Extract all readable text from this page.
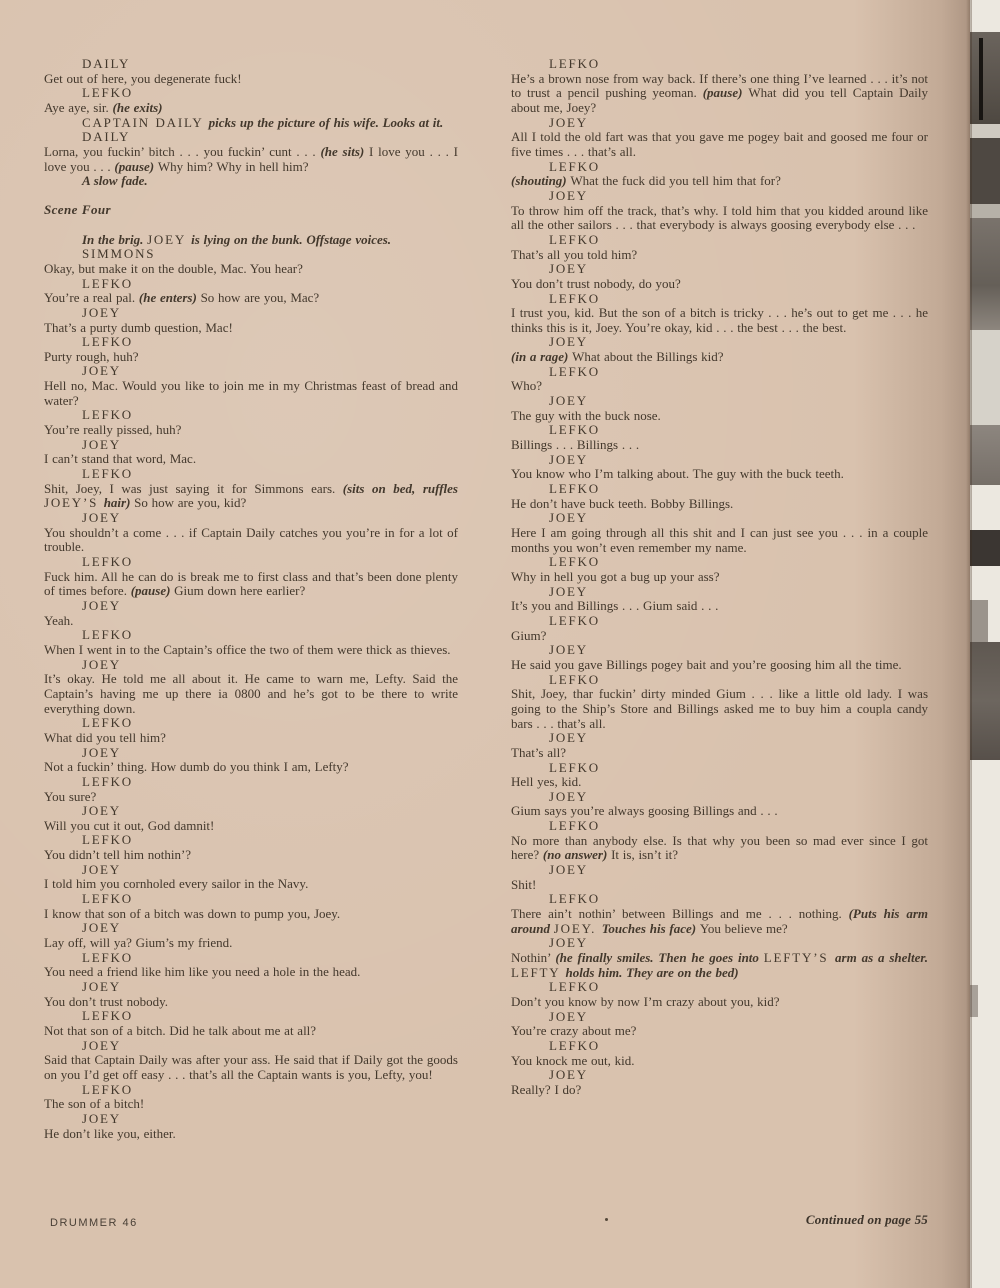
DAILY

Get out of here, you degenerate fuck!

LEFKO

Aye aye, sir. (he exits)

CAPTAIN DAILY picks up the picture of his wife. Looks at it.

DAILY

Lorna, you fuckin’ bitch . . . you fuckin’ cunt . . . (he sits) I love you . . . I love you . . . (pause) Why him? Why in hell him?

A slow fade.

Scene Four

In the brig. JOEY is lying on the bunk. Offstage voices.

SIMMONS

Okay, but make it on the double, Mac. You hear?

LEFKO

You’re a real pal. (he enters) So how are you, Mac?

JOEY

That’s a purty dumb question, Mac!

LEFKO

Purty rough, huh?

JOEY

Hell no, Mac. Would you like to join me in my Christmas feast of bread and water?

LEFKO

You’re really pissed, huh?

JOEY

I can’t stand that word, Mac.

LEFKO

Shit, Joey, I was just saying it for Simmons ears. (sits on bed, ruffles JOEY’S hair) So how are you, kid?

JOEY

You shouldn’t a come . . . if Captain Daily catches you you’re in for a lot of trouble.

LEFKO

Fuck him. All he can do is break me to first class and that’s been done plenty of times before. (pause) Gium down here earlier?

JOEY

Yeah.

LEFKO

When I went in to the Captain’s office the two of them were thick as thieves.

JOEY

It’s okay. He told me all about it. He came to warn me, Lefty. Said the Captain’s having me up there ia 0800 and he’s got to be there to write everything down.

LEFKO

What did you tell him?

JOEY

Not a fuckin’ thing. How dumb do you think I am, Lefty?

LEFKO

You sure?

JOEY

Will you cut it out, God damnit!

LEFKO

You didn’t tell him nothin’?

JOEY

I told him you cornholed every sailor in the Navy.

LEFKO

I know that son of a bitch was down to pump you, Joey.

JOEY

Lay off, will ya? Gium’s my friend.

LEFKO

You need a friend like him like you need a hole in the head.

JOEY

You don’t trust nobody.

LEFKO

Not that son of a bitch. Did he talk about me at all?

JOEY

Said that Captain Daily was after your ass. He said that if Daily got the goods on you I’d get off easy . . . that’s all the Captain wants is you, Lefty, you!

LEFKO

The son of a bitch!

JOEY

He don’t like you, either.

LEFKO

He’s a brown nose from way back. If there’s one thing I’ve learned . . . it’s not to trust a pencil pushing yeoman. (pause) What did you tell Captain Daily about me, Joey?

JOEY

All I told the old fart was that you gave me pogey bait and goosed me four or five times . . . that’s all.

LEFKO

(shouting) What the fuck did you tell him that for?

JOEY

To throw him off the track, that’s why. I told him that you kidded around like all the other sailors . . . that everybody is always goosing everybody else . . .

LEFKO

That’s all you told him?

JOEY

You don’t trust nobody, do you?

LEFKO

I trust you, kid. But the son of a bitch is tricky . . . he’s out to get me . . . he thinks this is it, Joey. You’re okay, kid . . . the best . . . the best.

JOEY

(in a rage) What about the Billings kid?

LEFKO

Who?

JOEY

The guy with the buck nose.

LEFKO

Billings . . . Billings . . .

JOEY

You know who I’m talking about. The guy with the buck teeth.

LEFKO

He don’t have buck teeth. Bobby Billings.

JOEY

Here I am going through all this shit and I can just see you . . . in a couple months you won’t even remember my name.

LEFKO

Why in hell you got a bug up your ass?

JOEY

It’s you and Billings . . . Gium said . . .

LEFKO

Gium?

JOEY

He said you gave Billings pogey bait and you’re goosing him all the time.

LEFKO

Shit, Joey, thar fuckin’ dirty minded Gium . . . like a little old lady. I was going to the Ship’s Store and Billings asked me to buy him a coupla candy bars . . . that’s all.

JOEY

That’s all?

LEFKO

Hell yes, kid.

JOEY

Gium says you’re always goosing Billings and . . .

LEFKO

No more than anybody else. Is that why you been so mad ever since I got here? (no answer) It is, isn’t it?

JOEY

Shit!

LEFKO

There ain’t nothin’ between Billings and me . . . nothing. (Puts his arm around JOEY. Touches his face) You believe me?

JOEY

Nothin’ (he finally smiles. Then he goes into LEFTY’S arm as a shelter. LEFTY holds him. They are on the bed)

LEFKO

Don’t you know by now I’m crazy about you, kid?

JOEY

You’re crazy about me?

LEFKO

You knock me out, kid.

JOEY

Really? I do?

DRUMMER 46	Continued on page 55
